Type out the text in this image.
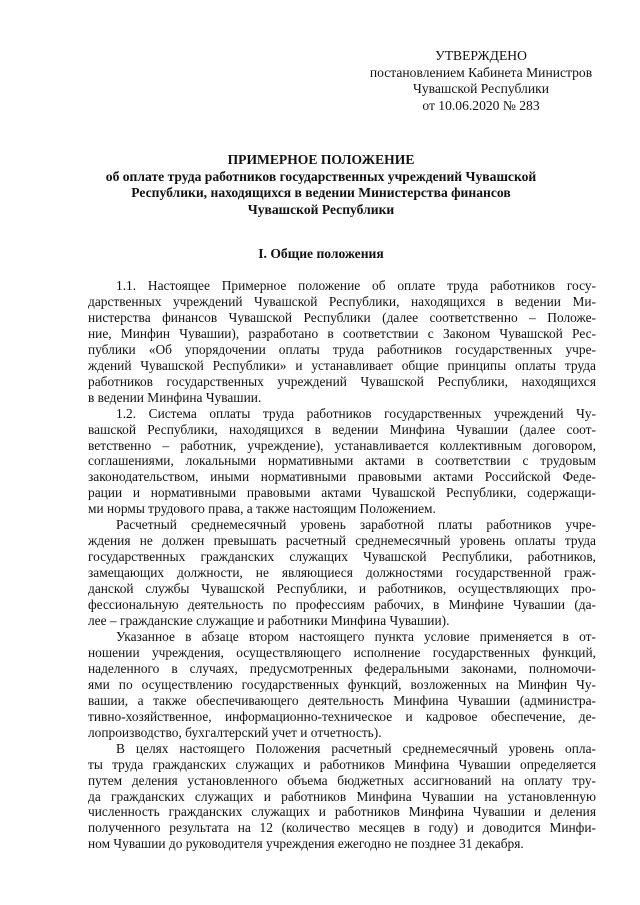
УТВЕРЖДЕНО
постановлением Кабинета Министров
Чувашской Республики
от 10.06.2020 № 283
ПРИМЕРНОЕ ПОЛОЖЕНИЕ
об оплате труда работников государственных учреждений Чувашской
Республики, находящихся в ведении Министерства финансов
Чувашской Республики
I. Общие положения
1.1. Настоящее Примерное положение об оплате труда работников госу-
дарственных учреждений Чувашской Республики, находящихся в ведении Ми-
нистерства финансов Чувашской Республики (далее соответственно – Положе-
ние, Минфин Чувашии), разработано в соответствии с Законом Чувашской Рес-
публики «Об упорядочении оплаты труда работников государственных учре-
ждений Чувашской Республики» и устанавливает общие принципы оплаты труда
работников государственных учреждений Чувашской Республики, находящихся
в ведении Минфина Чувашии.
1.2. Система оплаты труда работников государственных учреждений Чу-
вашской Республики, находящихся в ведении Минфина Чувашии (далее соот-
ветственно – работник, учреждение), устанавливается коллективным договором,
соглашениями, локальными нормативными актами в соответствии с трудовым
законодательством, иными нормативными правовыми актами Российской Феде-
рации и нормативными правовыми актами Чувашской Республики, содержащи-
ми нормы трудового права, а также настоящим Положением.
Расчетный среднемесячный уровень заработной платы работников учре-
ждения не должен превышать расчетный среднемесячный уровень оплаты труда
государственных гражданских служащих Чувашской Республики, работников,
замещающих должности, не являющиеся должностями государственной граж-
данской службы Чувашской Республики, и работников, осуществляющих про-
фессиональную деятельность по профессиям рабочих, в Минфине Чувашии (да-
лее – гражданские служащие и работники Минфина Чувашии).
Указанное в абзаце втором настоящего пункта условие применяется в от-
ношении учреждения, осуществляющего исполнение государственных функций,
наделенного в случаях, предусмотренных федеральными законами, полномочи-
ями по осуществлению государственных функций, возложенных на Минфин Чу-
вашии, а также обеспечивающего деятельность Минфина Чувашии (администра-
тивно-хозяйственное, информационно-техническое и кадровое обеспечение, де-
лопроизводство, бухгалтерский учет и отчетность).
В целях настоящего Положения расчетный среднемесячный уровень опла-
ты труда гражданских служащих и работников Минфина Чувашии определяется
путем деления установленного объема бюджетных ассигнований на оплату тру-
да гражданских служащих и работников Минфина Чувашии на установленную
численность гражданских служащих и работников Минфина Чувашии и деления
полученного результата на 12 (количество месяцев в году) и доводится Минфи-
ном Чувашии до руководителя учреждения ежегодно не позднее 31 декабря.
